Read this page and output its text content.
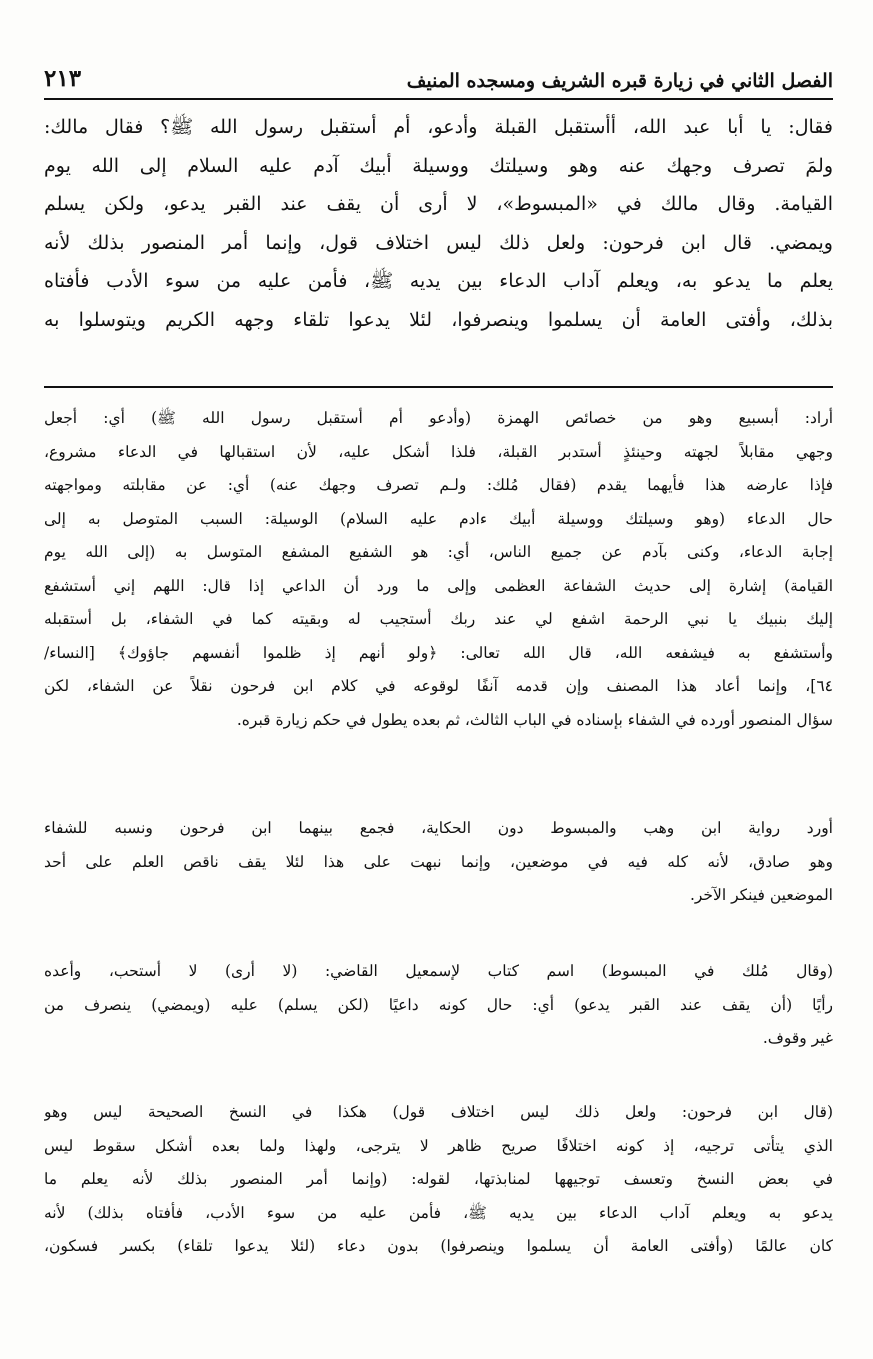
الفصل الثاني في زيارة قبره الشريف ومسجده المنيف
٢١٣
فقال: يا أبا عبد الله، أأستقبل القبلة وأدعو، أم أستقبل رسول الله ﷺ؟ فقال مالك:
ولمَ تصرف وجهك عنه وهو وسيلتك ووسيلة أبيك آدم عليه السلام إلى الله يوم
القيامة. وقال مالك في «المبسوط»، لا أرى أن يقف عند القبر يدعو، ولكن يسلم
ويمضي. قال ابن فرحون: ولعل ذلك ليس اختلاف قول، وإنما أمر المنصور بذلك لأنه
يعلم ما يدعو به، ويعلم آداب الدعاء بين يديه ﷺ، فأمن عليه من سوء الأدب فأفتاه
بذلك، وأفتى العامة أن يسلموا وينصرفوا، لئلا يدعوا تلقاء وجهه الكريم ويتوسلوا به
أراد: أبسبيع وهو من خصائص الهمزة (وأدعو أم أستقبل رسول الله ﷺ) أي: أجعل
وجهي مقابلاً لجهته وحينئذٍ أستدبر القبلة، فلذا أشكل عليه، لأن استقبالها في الدعاء مشروع،
فإذا عارضه هذا فأيهما يقدم (فقال مُلك: ولـم تصرف وجهك عنه) أي: عن مقابلته ومواجهته
حال الدعاء (وهو وسيلتك ووسيلة أبيك ءادم عليه السلام) الوسيلة: السبب المتوصل به إلى
إجابة الدعاء، وكنى بآدم عن جميع الناس، أي: هو الشفيع المشفع المتوسل به (إلى الله يوم
القيامة) إشارة إلى حديث الشفاعة العظمى وإلى ما ورد أن الداعي إذا قال: اللهم إني أستشفع
إليك بنبيك يا نبي الرحمة اشفع لي عند ربك أستجيب له وبقيته كما في الشفاء، بل أستقبله
وأستشفع به فيشفعه الله، قال الله تعالى: ﴿ولو أنهم إذ ظلموا أنفسهم جاؤوك﴾ [النساء/
٦٤]، وإنما أعاد هذا المصنف وإن قدمه آنفًا لوقوعه في كلام ابن فرحون نقلاً عن الشفاء، لكن
سؤال المنصور أورده في الشفاء بإسناده في الباب الثالث، ثم بعده يطول في حكم زيارة قبره.
أورد رواية ابن وهب والمبسوط دون الحكاية، فجمع بينهما ابن فرحون ونسبه للشفاء
وهو صادق، لأنه كله فيه في موضعين، وإنما نبهت على هذا لئلا يقف ناقص العلم على أحد
الموضعين فينكر الآخر.
(وقال مُلك في المبسوط) اسم كتاب لإسمعيل القاضي: (لا أرى) لا أستحب، وأعده
رأيًا (أن يقف عند القبر يدعو) أي: حال كونه داعيًا (لكن يسلم) عليه (ويمضي) ينصرف من
غير وقوف.
(قال ابن فرحون: ولعل ذلك ليس اختلاف قول) هكذا في النسخ الصحيحة ليس وهو
الذي يتأتى ترجيه، إذ كونه اختلافًا صريح ظاهر لا يترجى، ولهذا ولما بعده أشكل سقوط ليس
في بعض النسخ وتعسف توجيهها لمنابذتها، لقوله: (وإنما أمر المنصور بذلك لأنه يعلم ما
يدعو به ويعلم آداب الدعاء بين يديه ﷺ، فأمن عليه من سوء الأدب، فأفتاه بذلك) لأنه
كان عالمًا (وأفتى العامة أن يسلموا وينصرفوا) بدون دعاء (لئلا يدعوا تلقاء) بكسر فسكون،
